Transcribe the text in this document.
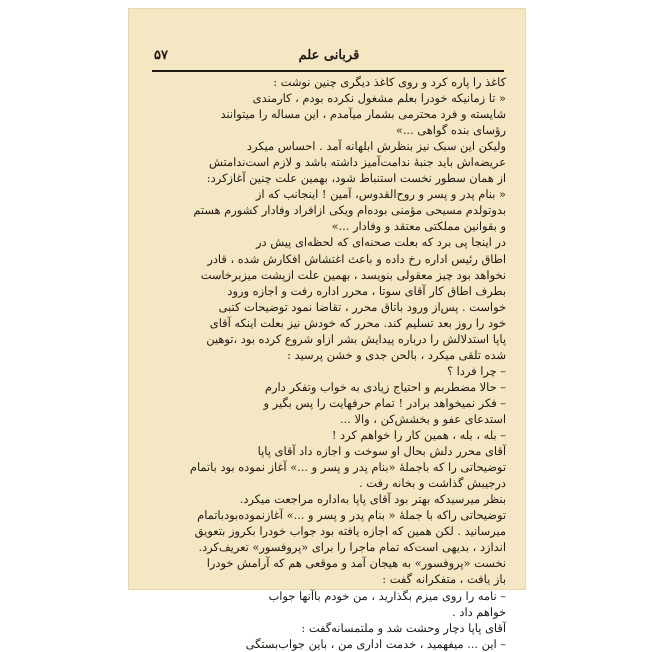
۵۷	قربانی علم
کاغذ را پاره کرد و روی کاغذ دیگری چنین نوشت :
« تا زمانیکه خودرا بعلم مشغول نکرده بودم ، کارمندی
شایسته و فرد محترمی بشمار میآمدم ، این مساله را میتوانند
رؤسای بنده گواهی ...»
ولیکن این سبک نیز بنظرش ابلهانه آمد . احساس میکرد
عریضه‌اش باید جنبهٔ ندامت‌آمیز داشته باشد و لازم است‌ندامتش
از همان سطور نخست استنباط شود، بهمین علت چنین آغازکرد:
« بنام پدر و پسر و روح‌القدوس، آمین ! اینجانب که از
بدوتولدم مسیحی مؤمنی بوده‌ام ویکی ازافراد وفادار کشورم هستم
و بقوانین مملکتی معتقد و وفادار ...»
در اینجا پی برد که بعلت صحنه‌ای که لحظه‌ای پیش در
اطاق رئیس اداره رخ داده و باعث اغتشاش افکارش شده ، قادر
نخواهد بود چیز معقولی بنویسد ، بهمین علت ازپشت میزبرخاست
بطرف اطاق کار آقای سوتا ، محرر اداره رفت و اجازه ورود
خواست . پس‌از ورود باتاق محرر ، تقاضا نمود توضیحات کتبی
خود را روز بعد تسلیم کند. محرر که خودش نیز بعلت اینکه آقای
پاپا استدلالش را درباره پیدایش بشر ازاو شروع کرده بود ،توهین
شده تلقی میکرد ، بالحن جدی و خشن پرسید :
– چرا فردا ؟
– حالا مضطربم و احتیاج زیادی به خواب وتفکر دارم
– فکر نمیخواهد برادر ! تمام حرفهایت را پس بگیر و
استدعای عفو و بخشش‌کن ، والا ...
– بله ، بله ، همین کار را خواهم کرد !
آقای محرر دلش بحال او سوخت و اجازه داد آقای پاپا
توضیحاتی را که باجملهٔ «بنام پدر و پسر و ...» آغاز نموده بود باتمام
درجیبش گذاشت و بخانه رفت .
بنظر میرسیدکه بهتر بود آقای پاپا به‌اداره مراجعت میکرد.
توضیحاتی راکه با جملهٔ « بنام پدر و پسر و ...» آغازنموده‌بودباتمام
میرسانید . لکن همین که اجازه یافته بود جواب خودرا بکروز بتعویق
اندازد ، بدیهی است‌که تمام ماجرا را برای «پروفسور» تعریف‌کرد.
نخست «پروفسور» به هیجان آمد و موقعی هم که آرامش خودرا
باز یافت ، متفکرانه گفت :
– نامه را روی میزم بگذارید ، من خودم باآنها جواب
خواهم داد .
آقای پاپا دچار وحشت شد و ملتمسانه‌گفت :
– این ... میفهمید ، خدمت اداری من ، باین جواب‌بستگی
